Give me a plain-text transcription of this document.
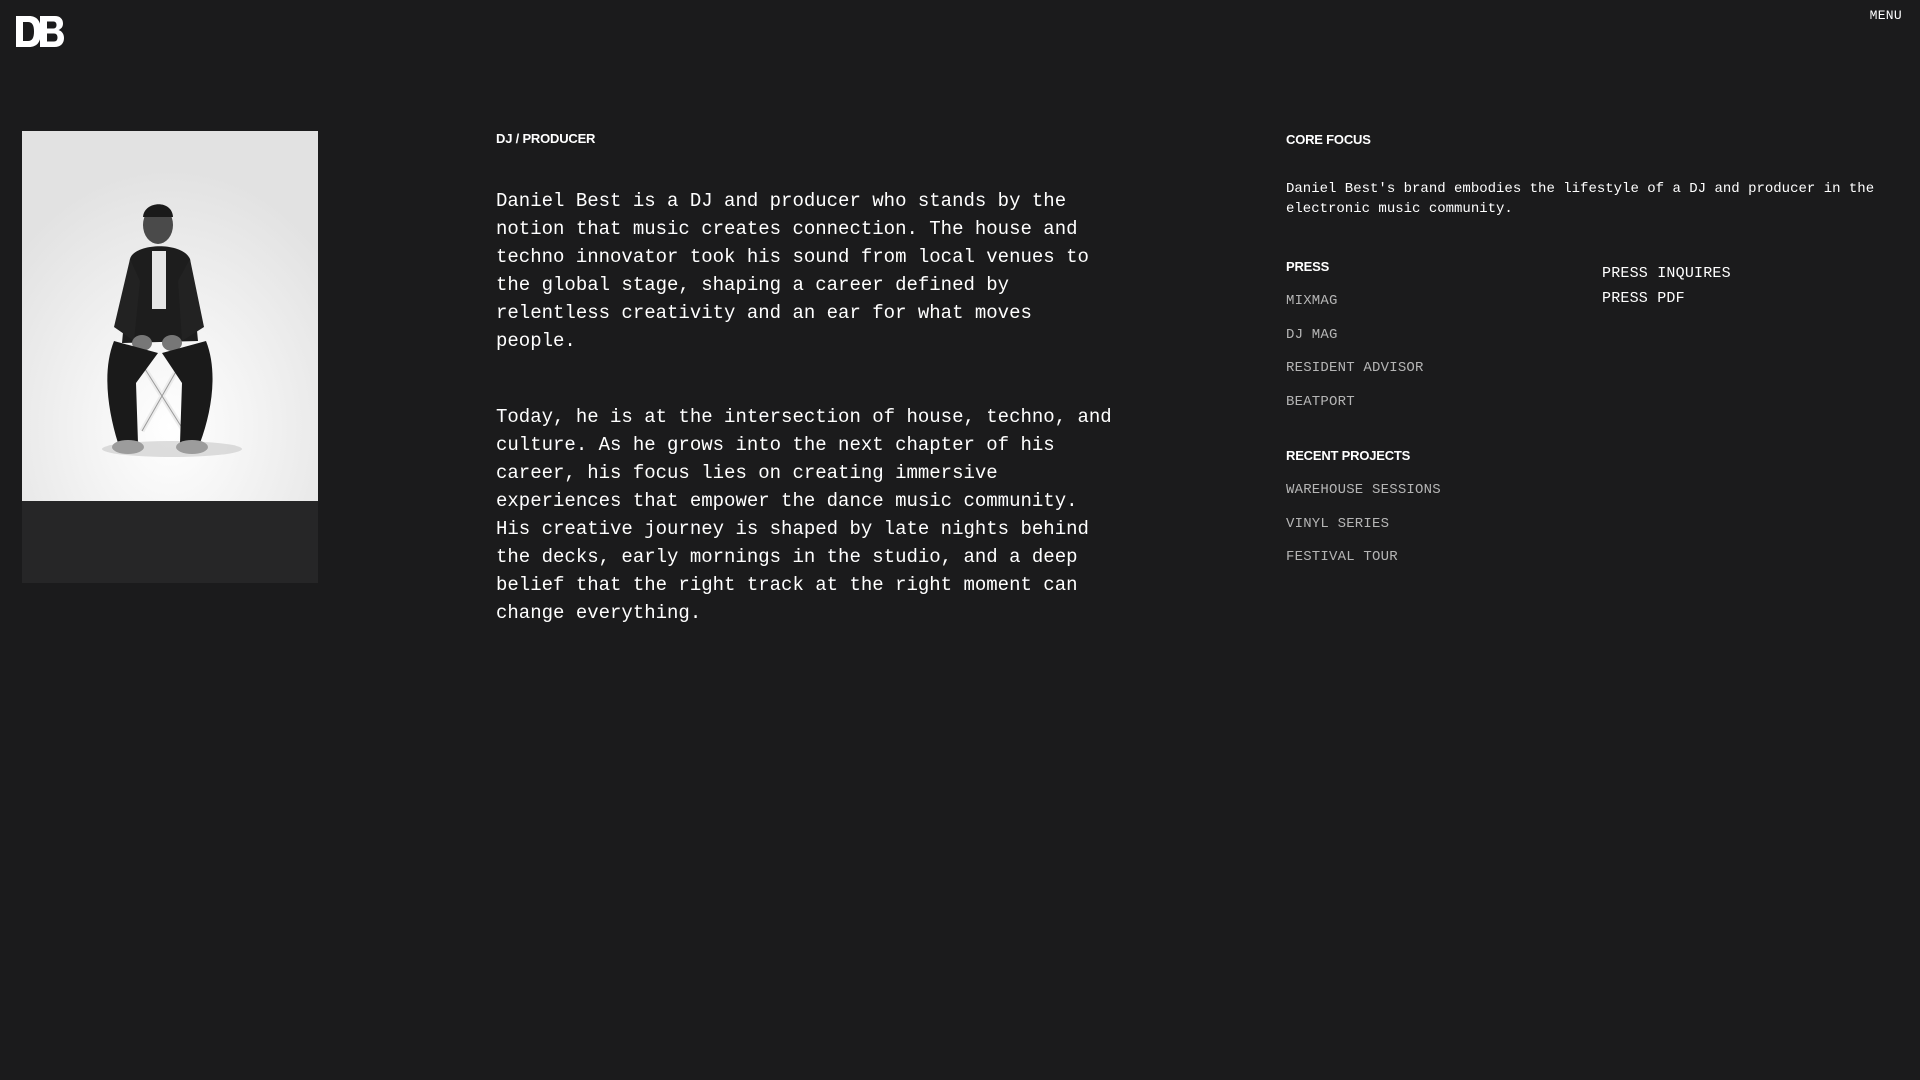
MENU
DJ / PRODUCER

Daniel Best is a DJ and producer who stands by the notion that music creates connection. The house and techno innovator took his sound from local venues to the global stage, shaping a career defined by relentless creativity and an ear for what moves people.

Today, he is at the intersection of house, techno, and culture. As he grows into the next chapter of his career, his focus lies on creating immersive experiences that empower the dance music community. His creative journey is shaped by late nights behind the decks, early mornings in the studio, and a deep belief that the right track at the right moment can change everything.

CORE FOCUS

Daniel Best's brand embodies the lifestyle of a DJ and producer in the electronic music community.

PRESS
MIXMAG
DJ MAG
RESIDENT ADVISOR
BEATPORT
PRESS INQUIRES
PRESS PDF
RECENT PROJECTS
WAREHOUSE SESSIONS
VINYL SERIES
FESTIVAL TOUR
